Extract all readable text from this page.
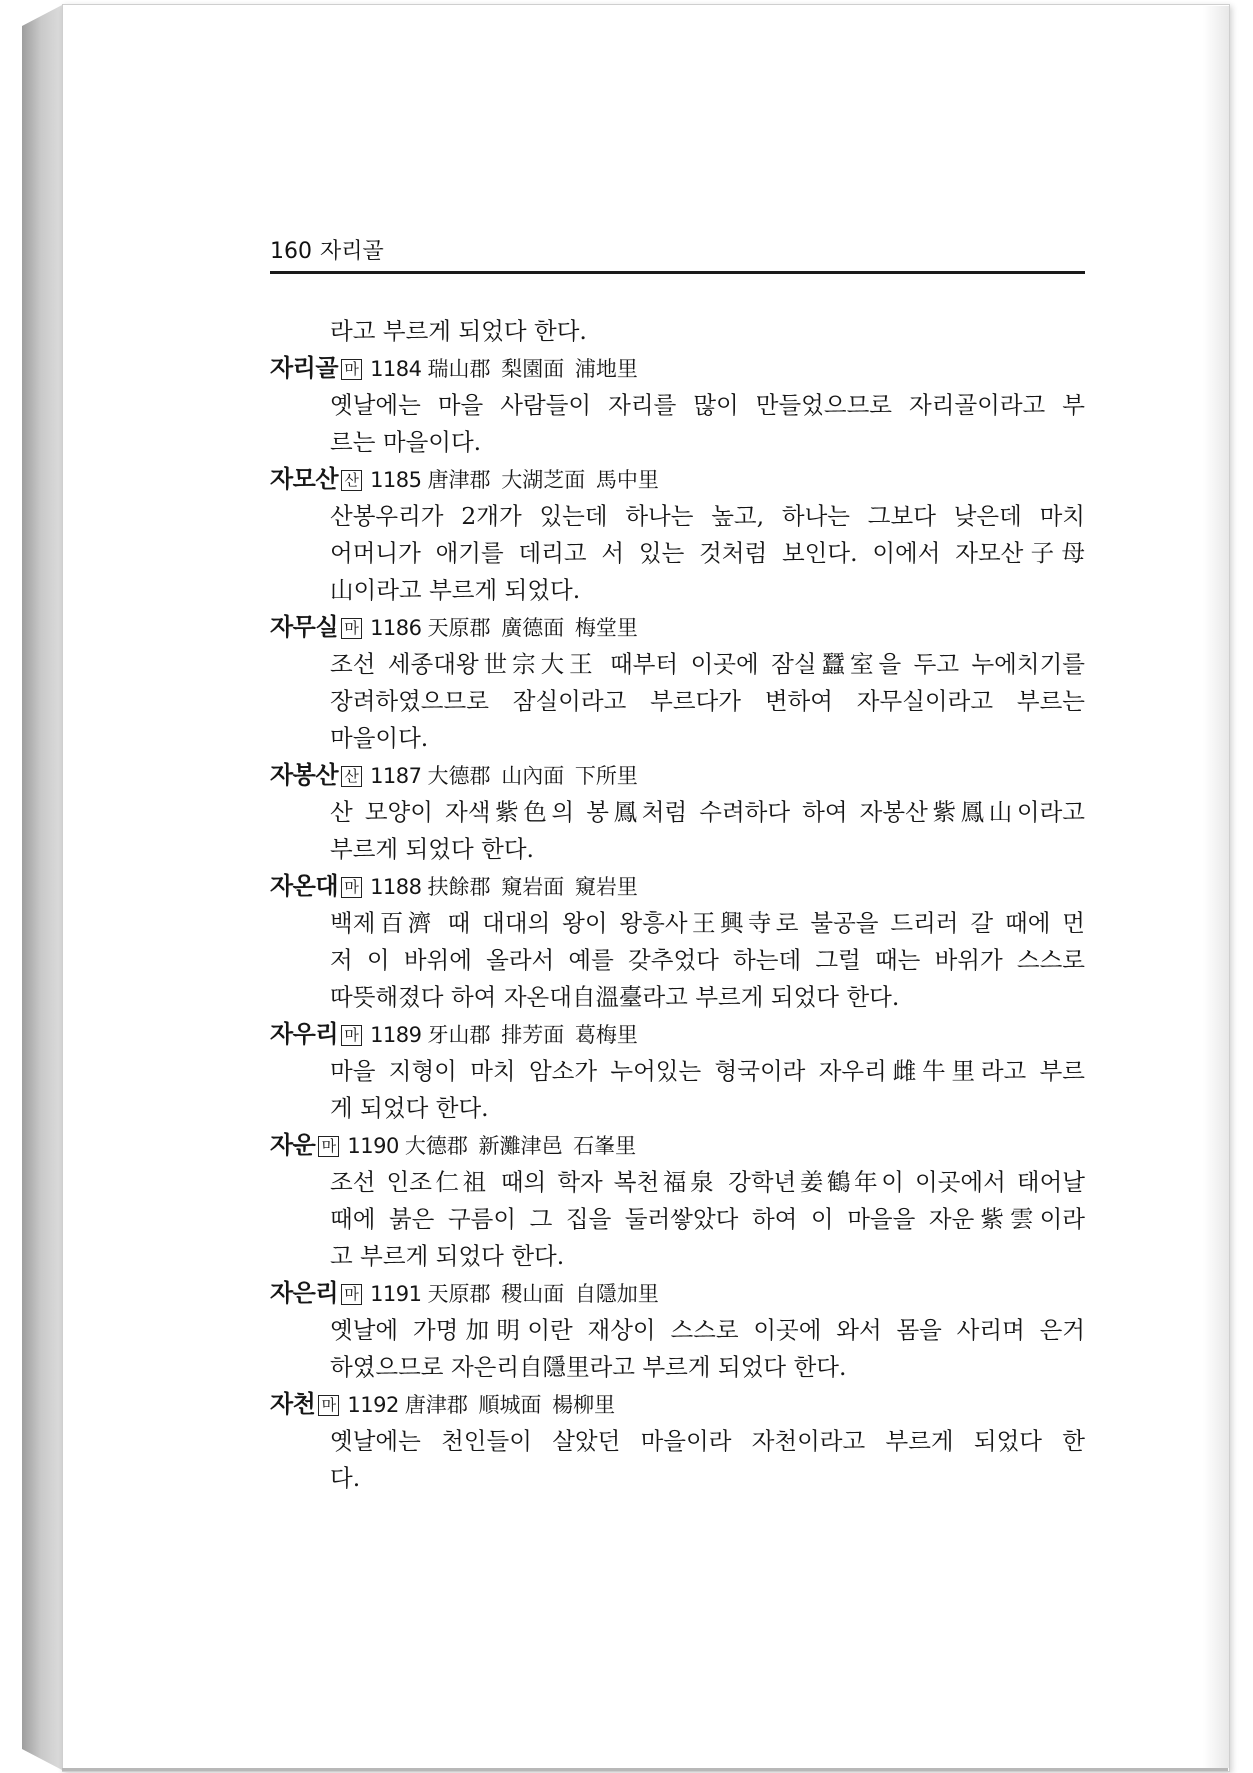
160 자리골
라고 부르게 되었다 한다.
자리골 마 1184 瑞山郡 梨園面 浦地里
옛날에는 마을 사람들이 자리를 많이 만들었으므로 자리골이라고 부
르는 마을이다.
자모산 산 1185 唐津郡 大湖芝面 馬中里
산봉우리가 2개가 있는데 하나는 높고, 하나는 그보다 낮은데 마치
어머니가 애기를 데리고 서 있는 것처럼 보인다. 이에서 자모산子母
山이라고 부르게 되었다.
자무실 마 1186 天原郡 廣德面 梅堂里
조선 세종대왕世宗大王 때부터 이곳에 잠실蠶室을 두고 누에치기를
장려하였으므로 잠실이라고 부르다가 변하여 자무실이라고 부르는
마을이다.
자봉산 산 1187 大德郡 山內面 下所里
산 모양이 자색紫色의 봉鳳처럼 수려하다 하여 자봉산紫鳳山이라고
부르게 되었다 한다.
자온대 마 1188 扶餘郡 窺岩面 窺岩里
백제百濟 때 대대의 왕이 왕흥사王興寺로 불공을 드리러 갈 때에 먼
저 이 바위에 올라서 예를 갖추었다 하는데 그럴 때는 바위가 스스로
따뜻해졌다 하여 자온대自溫臺라고 부르게 되었다 한다.
자우리 마 1189 牙山郡 排芳面 葛梅里
마을 지형이 마치 암소가 누어있는 형국이라 자우리雌牛里라고 부르
게 되었다 한다.
자운 마 1190 大德郡 新灘津邑 石峯里
조선 인조仁祖 때의 학자 복천福泉 강학년姜鶴年이 이곳에서 태어날
때에 붉은 구름이 그 집을 둘러쌓았다 하여 이 마을을 자운紫雲이라
고 부르게 되었다 한다.
자은리 마 1191 天原郡 稷山面 自隱加里
옛날에 가명加明이란 재상이 스스로 이곳에 와서 몸을 사리며 은거
하였으므로 자은리自隱里라고 부르게 되었다 한다.
자천 마 1192 唐津郡 順城面 楊柳里
옛날에는 천인들이 살았던 마을이라 자천이라고 부르게 되었다 한
다.
